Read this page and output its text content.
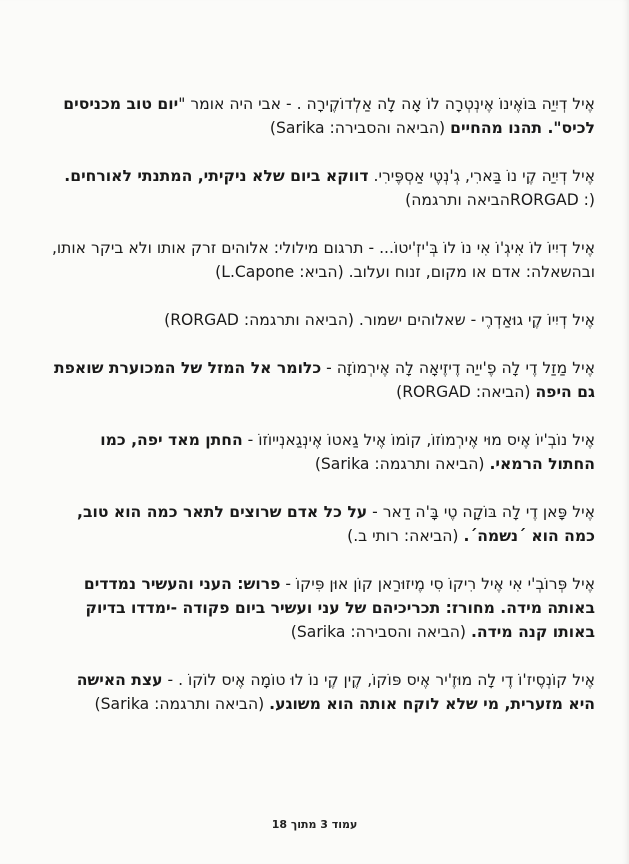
אֶיל דְיִיַה בּוֹאֶינוֹ אֶינְטְרָה לוֹ אָה לָה אַלְדוֹקֶירָה . - אבי היה אומר "יום טוב מכניסים לכיס". תהנו מהחיים (הביאה והסבירה: Sarika)

אֶיל דְיִיַה קֶי נוֹ בַּארִי, גְ'נְטֶי אַסְפֶּירִי. דווקא ביום שלא ניקיתי, המתנתי לאורחים. (: RORGADהביאה ותרגמה)

אֶיל דְיִיוֹ לוֹ אִיגְ'וֹ אִי נוֹ לוֹ בְּ'יזְ'יטוֹ... - תרגום מילולי: אלוהים זרק אותו ולא ביקר אותו, ובהשאלה: אדם או מקום, זנוח ועלוב. (הביא: L.Capone)

אֶיל דְיִיוֹ קֶי גוּאַדְרֶי - שאלוהים ישמור. (הביאה ותרגמה: RORGAD)

אֶיל מַזַל דֶי לָה פֶ'ייַה דֶיזֶיאָה לָה אֶירְמוֹזָה - כלומר אל המזל של המכוערת שואפת גם היפה (הביאה: RORGAD)

אֶיל נוֹבְ'יוֹ אֶיס מוּי אֶירְמוֹזוֹ, קוֹמוֹ אֶיל גַאטוֹ אֶינְגַאנְייוֹזוֹ - החתן מאד יפה, כמו החתול הרמאי. (הביאה ותרגמה: Sarika)

אֶיל פָּאן דֶי לָה בּוֹקָה טֶי בָּ'ה דַאר - על כל אדם שרוצים לתאר כמה הוא טוב, כמה הוא ´נשמה´. (הביאה: רותי ב.)

אֶיל פְּרוֹבְ'י אִי אֶיל רִיקוֹ סִי מֶיזוּרַאן קוֹן אוּן פִּיקוֹ - פרוש: העני והעשיר נמדדים באותה מידה. מחורז: תכריכיהם של עני ועשיר ביום פקודה -ימדדו בדיוק באותו קנה מידה. (הביאה והסבירה: Sarika)

אֶיל קוֹנְסֶיז'וֹ דֶי לָה מוּזֶ'יר אֶיס פּוֹקוֹ, קֶין קֶי נוֹ לוּ טוֹמָה אֶיס לוֹקוֹ . - עצת האישה היא מזערית, מי שלא לוקח אותה הוא משוגע. (הביאה ותרגמה: Sarika)

עמוד 3 מתוך 18
